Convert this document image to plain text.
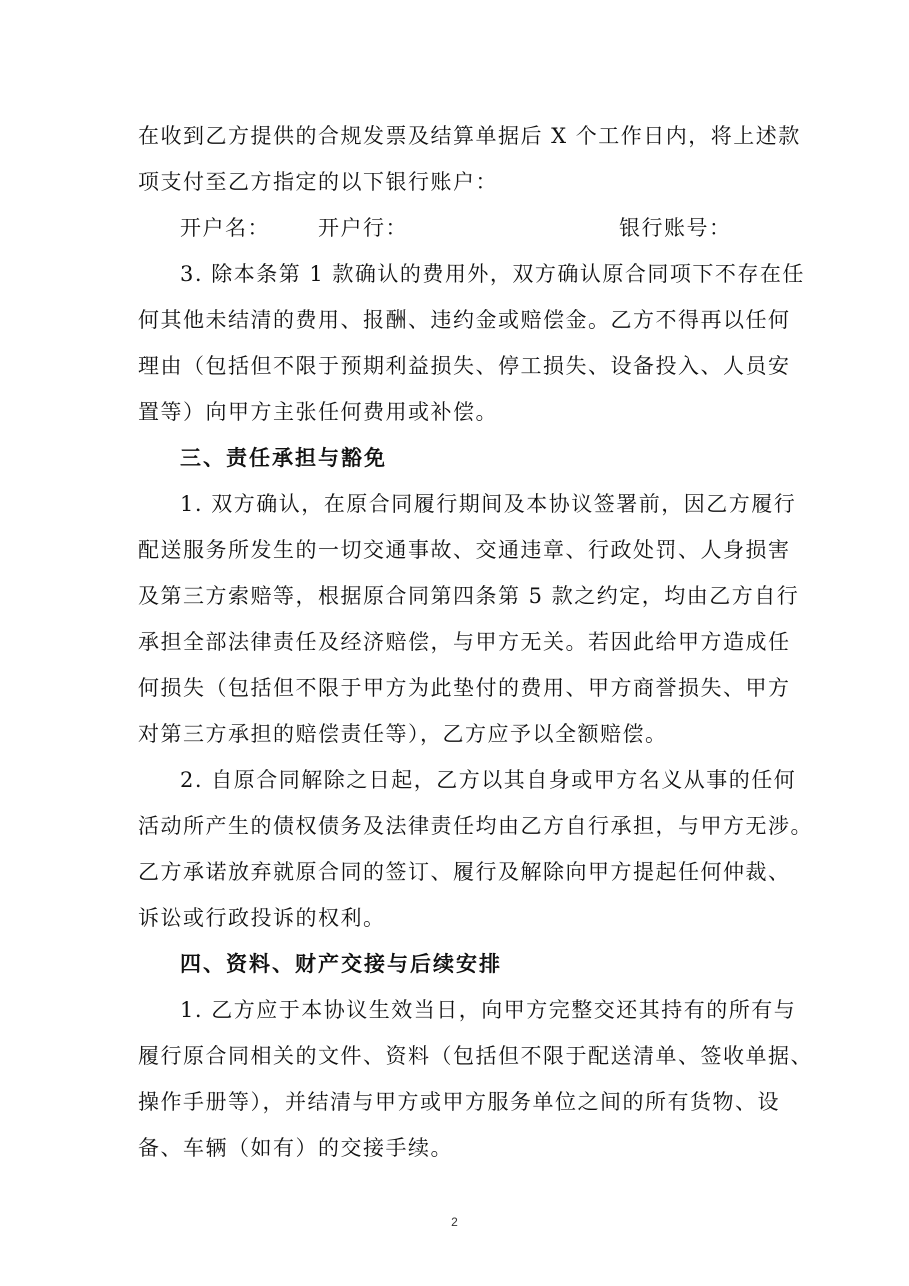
在收到乙方提供的合规发票及结算单据后 X 个工作日内，将上述款
项支付至乙方指定的以下银行账户：
开户名： 开户行：	银行账号：
3. 除本条第 1 款确认的费用外，双方确认原合同项下不存在任
何其他未结清的费用、报酬、违约金或赔偿金。乙方不得再以任何
理由（包括但不限于预期利益损失、停工损失、设备投入、人员安
置等）向甲方主张任何费用或补偿。
三、责任承担与豁免
1. 双方确认，在原合同履行期间及本协议签署前，因乙方履行
配送服务所发生的一切交通事故、交通违章、行政处罚、人身损害
及第三方索赔等，根据原合同第四条第 5 款之约定，均由乙方自行
承担全部法律责任及经济赔偿，与甲方无关。若因此给甲方造成任
何损失（包括但不限于甲方为此垫付的费用、甲方商誉损失、甲方
对第三方承担的赔偿责任等），乙方应予以全额赔偿。
2. 自原合同解除之日起，乙方以其自身或甲方名义从事的任何
活动所产生的债权债务及法律责任均由乙方自行承担，与甲方无涉。
乙方承诺放弃就原合同的签订、履行及解除向甲方提起任何仲裁、
诉讼或行政投诉的权利。
四、资料、财产交接与后续安排
1. 乙方应于本协议生效当日，向甲方完整交还其持有的所有与
履行原合同相关的文件、资料（包括但不限于配送清单、签收单据、
操作手册等），并结清与甲方或甲方服务单位之间的所有货物、设
备、车辆（如有）的交接手续。
2
